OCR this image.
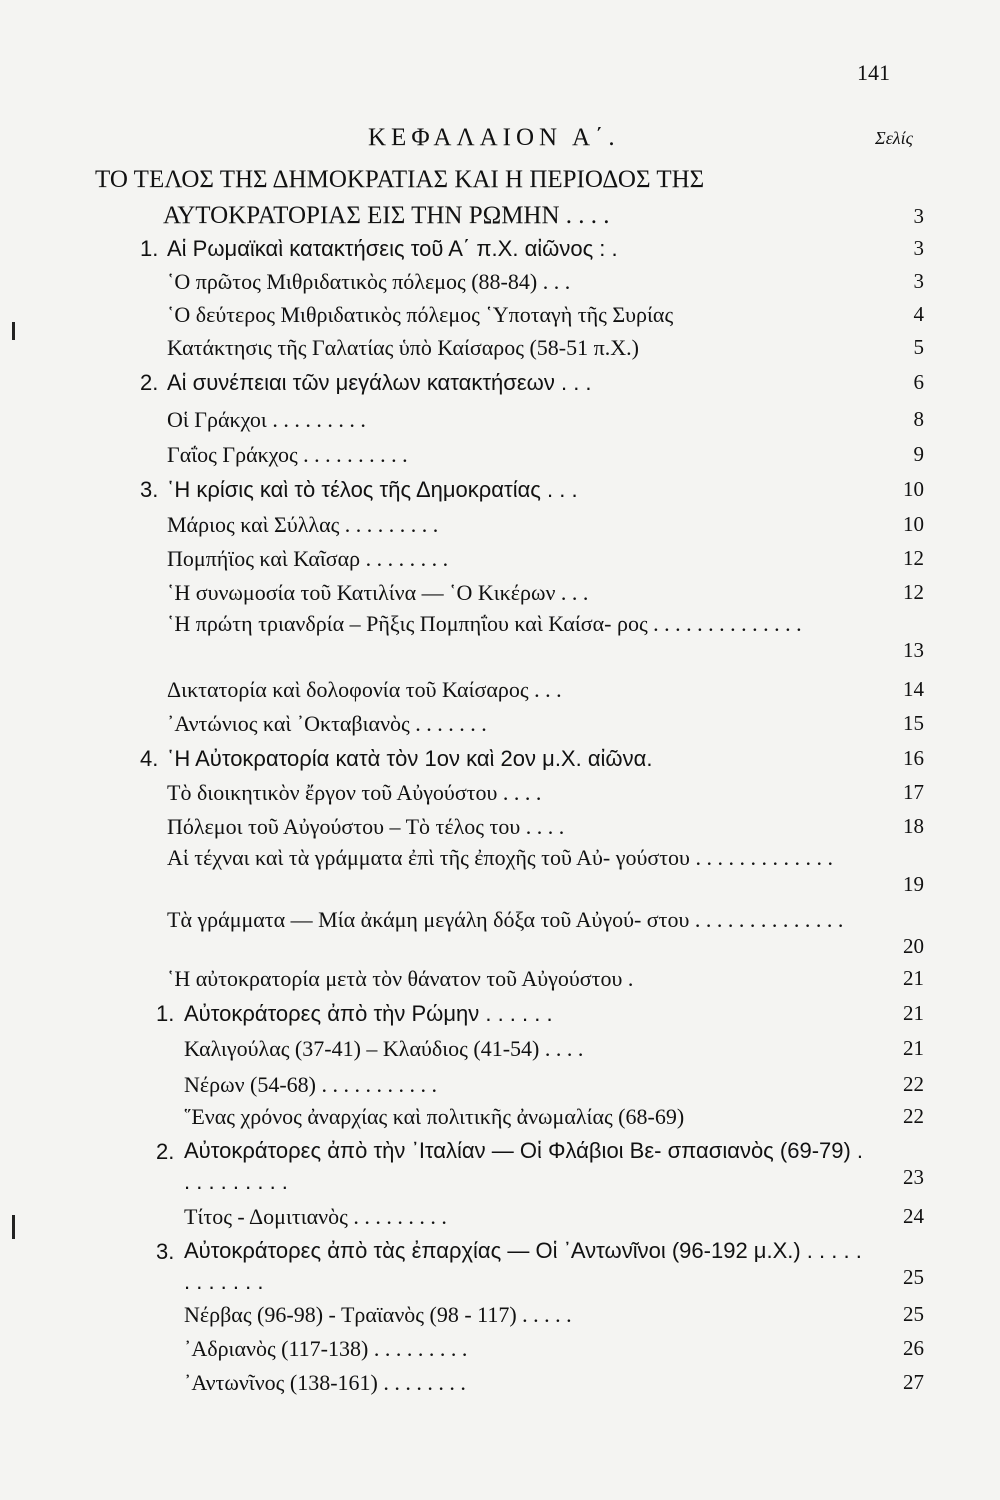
141
ΚΕΦΑΛΑΙΟΝ Α΄.	Σελίς
ΤΟ ΤΕΛΟΣ ΤΗΣ ΔΗΜΟΚΡΑΤΙΑΣ ΚΑΙ Η ΠΕΡΙΟΔΟΣ ΤΗΣ
ΑΥΤΟΚΡΑΤΟΡΙΑΣ ΕΙΣ ΤΗΝ ΡΩΜΗΝ . . . .	3
1. Αἱ Ρωμαϊκαὶ κατακτήσεις τοῦ Α΄ π.Χ. αἰῶνος : .	3
῾Ο πρῶτος Μιθριδατικὸς πόλεμος (88-84) . . .	3
῾Ο δεύτερος Μιθριδατικὸς πόλεμος ῾Υποταγὴ τῆς Συρίας	4
Κατάκτησις τῆς Γαλατίας ὑπὸ Καίσαρος (58-51 π.Χ.)	5
2. Αἱ συνέπειαι τῶν μεγάλων κατακτήσεων . . .	6
Οἱ Γράκχοι . . . . . . . . .	8
Γαΐος Γράκχος . . . . . . . . . .	9
3. ῾Η κρίσις καὶ τὸ τέλος τῆς Δημοκρατίας . . .	10
Μάριος καὶ Σύλλας . . . . . . . . .	10
Πομπήϊος καὶ Καῖσαρ . . . . . . . .	12
῾Η συνωμοσία τοῦ Κατιλίνα — ῾Ο Κικέρων . . .	12
῾Η πρώτη τριανδρία – Ρῆξις Πομπηΐου καὶ Καίσα- ρος . . . . . . . . . . . . . .
13
Δικτατορία καὶ δολοφονία τοῦ Καίσαρος . . .	14
᾿Αντώνιος καὶ ᾿Οκταβιανὸς . . . . . . .	15
4. ῾Η Αὐτοκρατορία κατὰ τὸν 1ον καὶ 2ον μ.Χ. αἰῶνα.	16
Τὸ διοικητικὸν ἔργον τοῦ Αὐγούστου . . . .	17
Πόλεμοι τοῦ Αὐγούστου – Τὸ τέλος του . . . .	18
Αἱ τέχναι καὶ τὰ γράμματα ἐπὶ τῆς ἐποχῆς τοῦ Αὐ- γούστου . . . . . . . . . . . . .
19
Τὰ γράμματα — Μία ἀκάμη μεγάλη δόξα τοῦ Αὐγού- στου . . . . . . . . . . . . . .
20
῾Η αὐτοκρατορία μετὰ τὸν θάνατον τοῦ Αὐγούστου .	21
1. Αὐτοκράτορες ἀπὸ τὴν Ρώμην . . . . . .	21
Καλιγούλας (37-41) – Κλαύδιος (41-54) . . . .	21
Νέρων (54-68) . . . . . . . . . . .	22
῞Ενας χρόνος ἀναρχίας καὶ πολιτικῆς ἀνωμαλίας (68-69)	22
2. Αὐτοκράτορες ἀπὸ τὴν ᾿Ιταλίαν — Οἱ Φλάβιοι Βε- σπασιανὸς (69-79) . . . . . . . . . .	23
Τίτος - Δομιτιανὸς . . . . . . . . .	24
3. Αὐτοκράτορες ἀπὸ τὰς ἐπαρχίας — Οἱ ᾿Αντωνῖνοι (96-192 μ.Χ.) . . . . . . . . . . . .	25
Νέρβας (96-98) - Τραϊανὸς (98 - 117) . . . . .	25
᾿Αδριανὸς (117-138) . . . . . . . . .	26
᾿Αντωνῖνος (138-161) . . . . . . . .	27
